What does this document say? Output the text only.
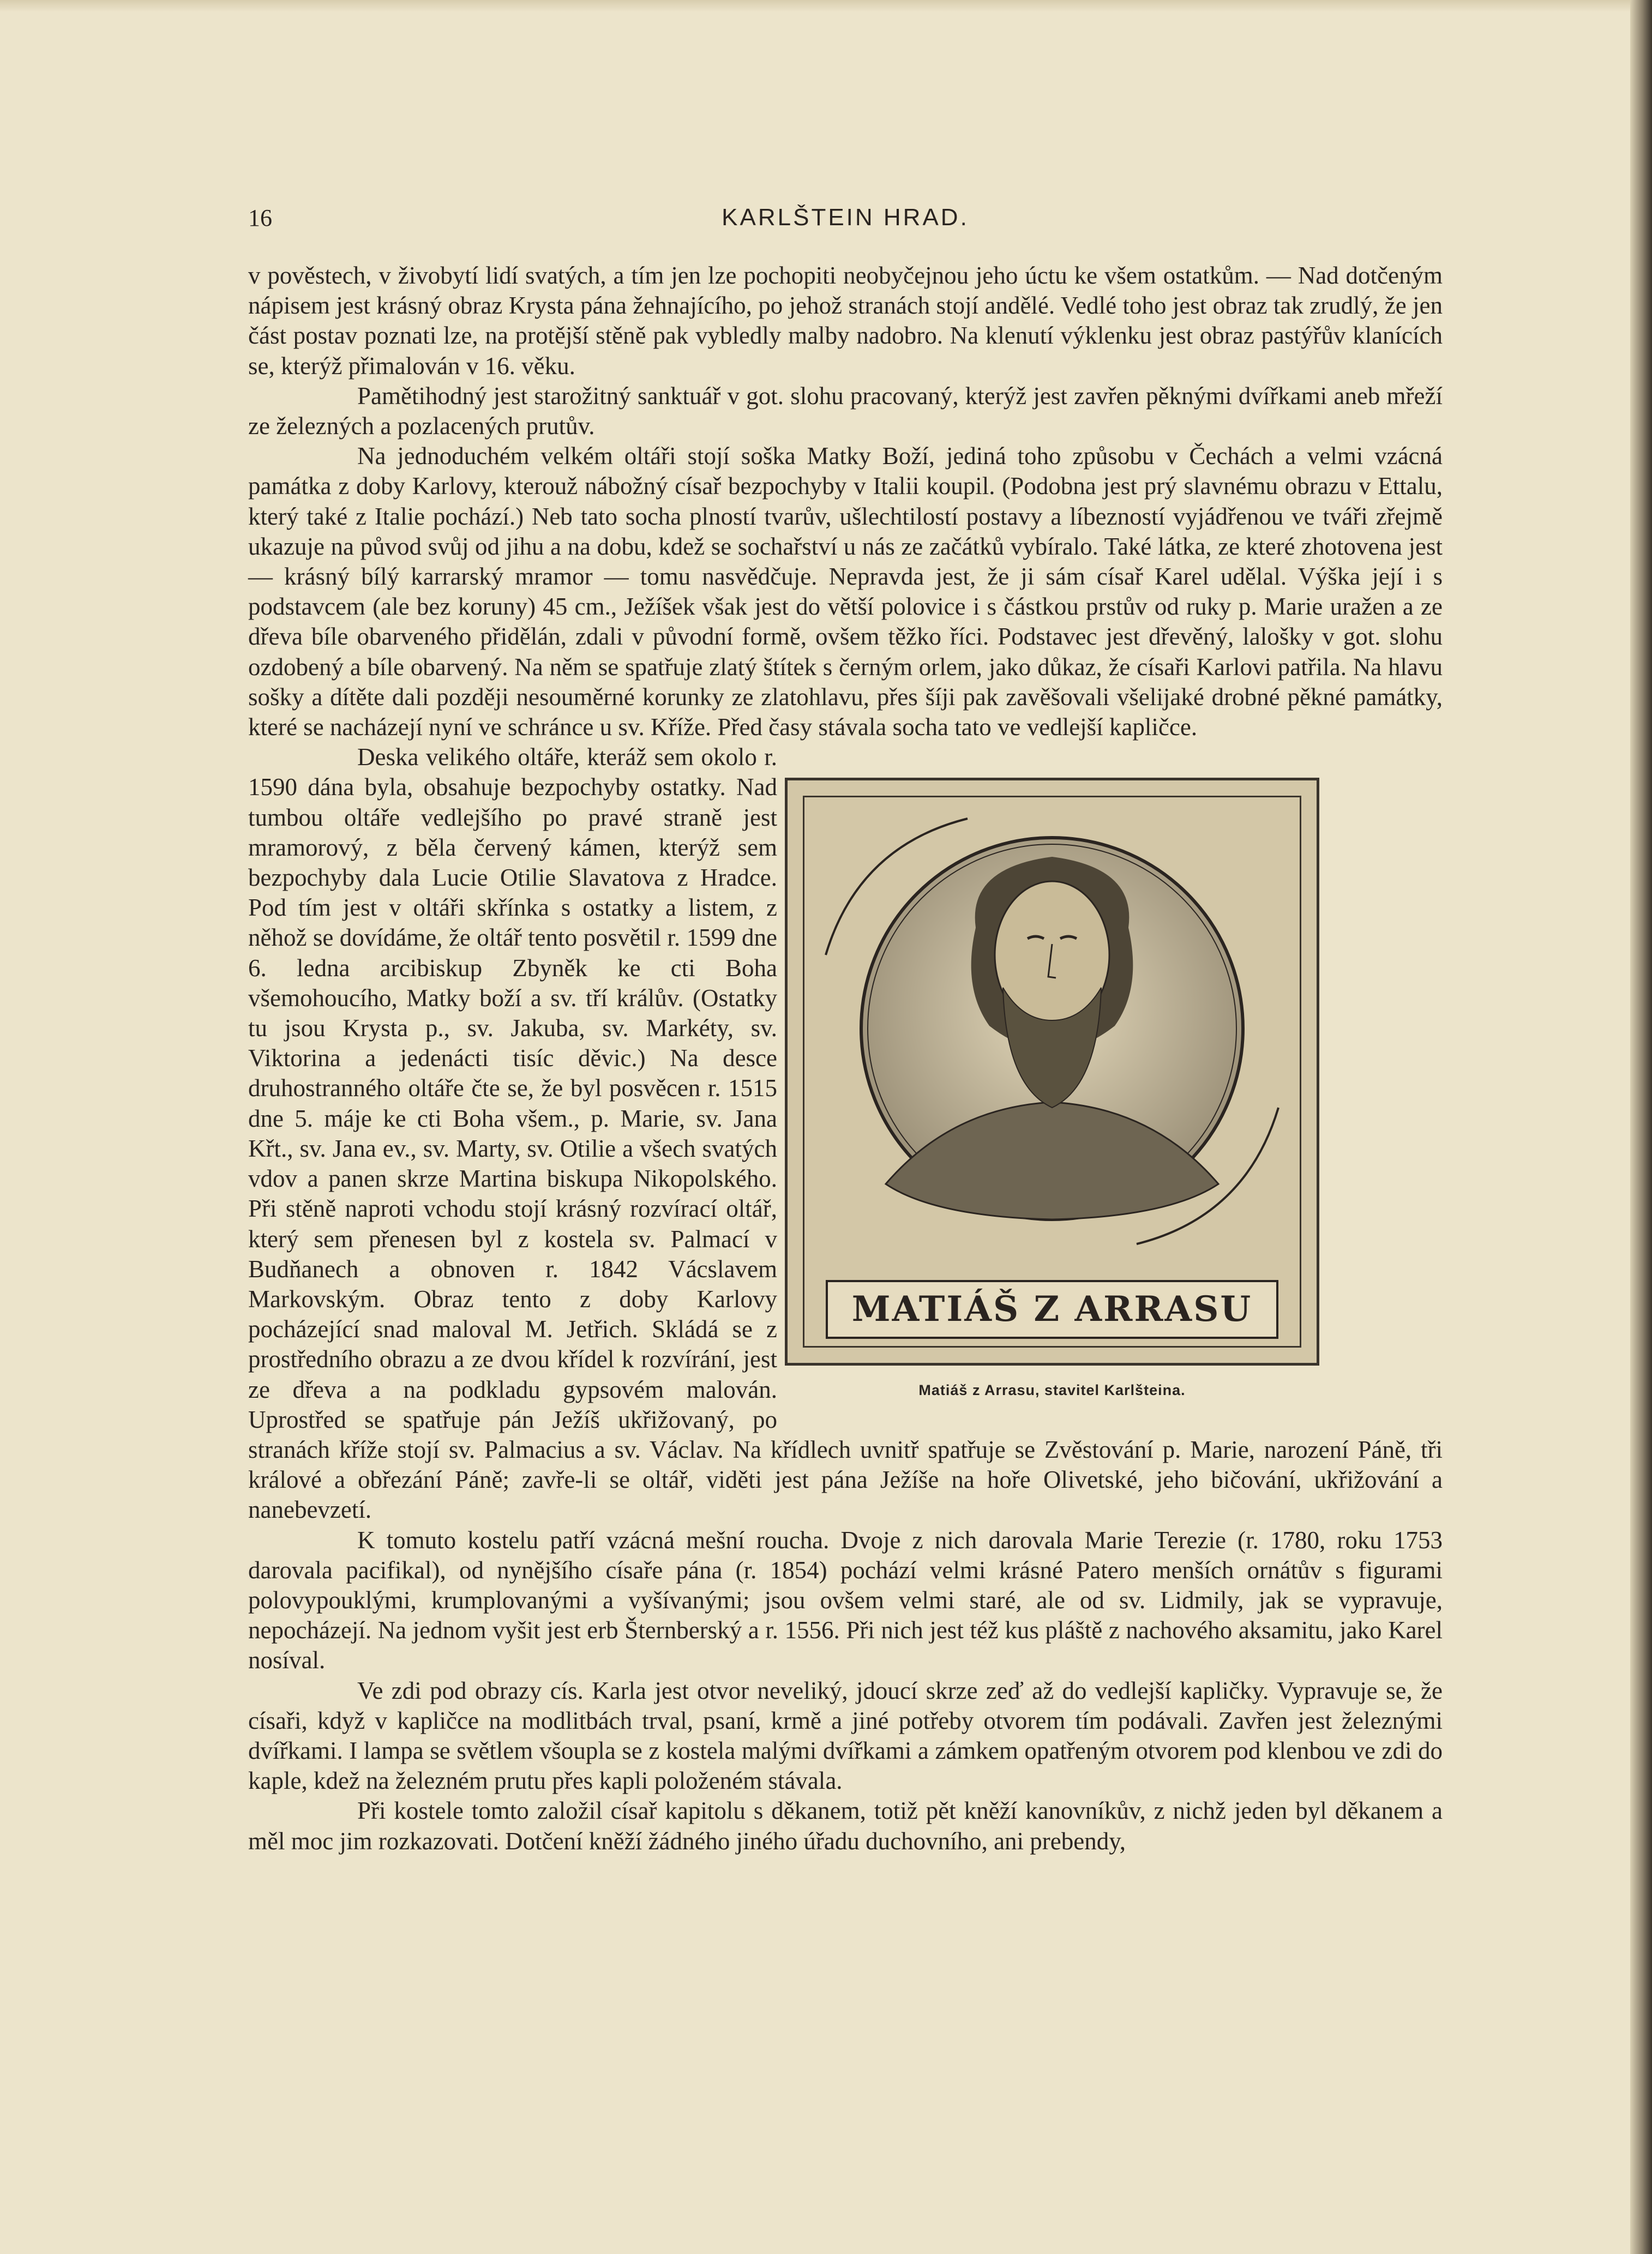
16	KARLŠTEIN HRAD.

v pověstech, v živobytí lidí svatých, a tím jen lze pochopiti neobyčejnou jeho úctu ke všem ostatkům. — Nad dotčeným nápisem jest krásný obraz Krysta pána žehnajícího, po jehož stranách stojí andělé. Vedlé toho jest obraz tak zrudlý, že jen část postav poznati lze, na protější stěně pak vybledly malby nadobro. Na klenutí výklenku jest obraz pastýřův klanících se, kterýž přimalován v 16. věku.

Pamětihodný jest starožitný sanktuář v got. slohu pracovaný, kterýž jest zavřen pěknými dvířkami aneb mřeží ze železných a pozlacených prutův.

Na jednoduchém velkém oltáři stojí soška Matky Boží, jediná toho způsobu v Čechách a velmi vzácná památka z doby Karlovy, kterouž nábožný císař bezpochyby v Italii koupil. (Podobna jest prý slavnému obrazu v Ettalu, který také z Italie pochází.) Neb tato socha plností tvarův, ušlechtilostí postavy a líbezností vyjádřenou ve tváři zřejmě ukazuje na původ svůj od jihu a na dobu, kdež se sochařství u nás ze začátků vybíralo. Také látka, ze které zhotovena jest — krásný bílý karrarský mramor — tomu nasvědčuje. Nepravda jest, že ji sám císař Karel udělal. Výška její i s podstavcem (ale bez koruny) 45 cm., Ježíšek však jest do větší polovice i s částkou prstův od ruky p. Marie uražen a ze dřeva bíle obarveného přidělán, zdali v původní formě, ovšem těžko říci. Podstavec jest dřevěný, lalošky v got. slohu ozdobený a bíle obarvený. Na něm se spatřuje zlatý štítek s černým orlem, jako důkaz, že císaři Karlovi patřila. Na hlavu sošky a dítěte dali později nesouměrné korunky ze zlatohlavu, přes šíji pak zavěšovali všelijaké drobné pěkné památky, které se nacházejí nyní ve schránce u sv. Kříže. Před časy stávala socha tato ve vedlejší kapličce.

MATIÁŠ Z ARRASU
Matiáš z Arrasu, stavitel Karlšteina.

Deska velikého oltáře, kteráž sem okolo r. 1590 dána byla, obsahuje bezpochyby ostatky. Nad tumbou oltáře vedlejšího po pravé straně jest mramorový, z běla červený kámen, kterýž sem bezpochyby dala Lucie Otilie Slavatova z Hradce. Pod tím jest v oltáři skřínka s ostatky a listem, z něhož se dovídáme, že oltář tento posvětil r. 1599 dne 6. ledna arcibiskup Zbyněk ke cti Boha všemohoucího, Matky boží a sv. tří králův. (Ostatky tu jsou Krysta p., sv. Jakuba, sv. Markéty, sv. Viktorina a jedenácti tisíc děvic.) Na desce druhostranného oltáře čte se, že byl posvěcen r. 1515 dne 5. máje ke cti Boha všem., p. Marie, sv. Jana Křt., sv. Jana ev., sv. Marty, sv. Otilie a všech svatých vdov a panen skrze Martina biskupa Nikopolského. Při stěně naproti vchodu stojí krásný rozvírací oltář, který sem přenesen byl z kostela sv. Palmací v Budňanech a obnoven r. 1842 Vácslavem Markovským. Obraz tento z doby Karlovy pocházející snad maloval M. Jetřich. Skládá se z prostředního obrazu a ze dvou křídel k rozvírání, jest ze dřeva a na podkladu gypsovém malován. Uprostřed se spatřuje pán Ježíš ukřižovaný, po stranách kříže stojí sv. Palmacius a sv. Václav. Na křídlech uvnitř spatřuje se Zvěstování p. Marie, narození Páně, tři králové a obřezání Páně; zavře-li se oltář, viděti jest pána Ježíše na hoře Olivetské, jeho bičování, ukřižování a nanebevzetí.

K tomuto kostelu patří vzácná mešní roucha. Dvoje z nich darovala Marie Terezie (r. 1780, roku 1753 darovala pacifikal), od nynějšího císaře pána (r. 1854) pochází velmi krásné Patero menších ornátův s figurami polovypouklými, krumplovanými a vyšívanými; jsou ovšem velmi staré, ale od sv. Lidmily, jak se vypravuje, nepocházejí. Na jednom vyšit jest erb Šternberský a r. 1556. Při nich jest též kus pláště z nachového aksamitu, jako Karel nosíval.

Ve zdi pod obrazy cís. Karla jest otvor neveliký, jdoucí skrze zeď až do vedlejší kapličky. Vypravuje se, že císaři, když v kapličce na modlitbách trval, psaní, krmě a jiné potřeby otvorem tím podávali. Zavřen jest železnými dvířkami. I lampa se světlem všoupla se z kostela malými dvířkami a zámkem opatřeným otvorem pod klenbou ve zdi do kaple, kdež na železném prutu přes kapli položeném stávala.

Při kostele tomto založil císař kapitolu s děkanem, totiž pět kněží kanovníkův, z nichž jeden byl děkanem a měl moc jim rozkazovati. Dotčení kněží žádného jiného úřadu duchovního, ani prebendy,
